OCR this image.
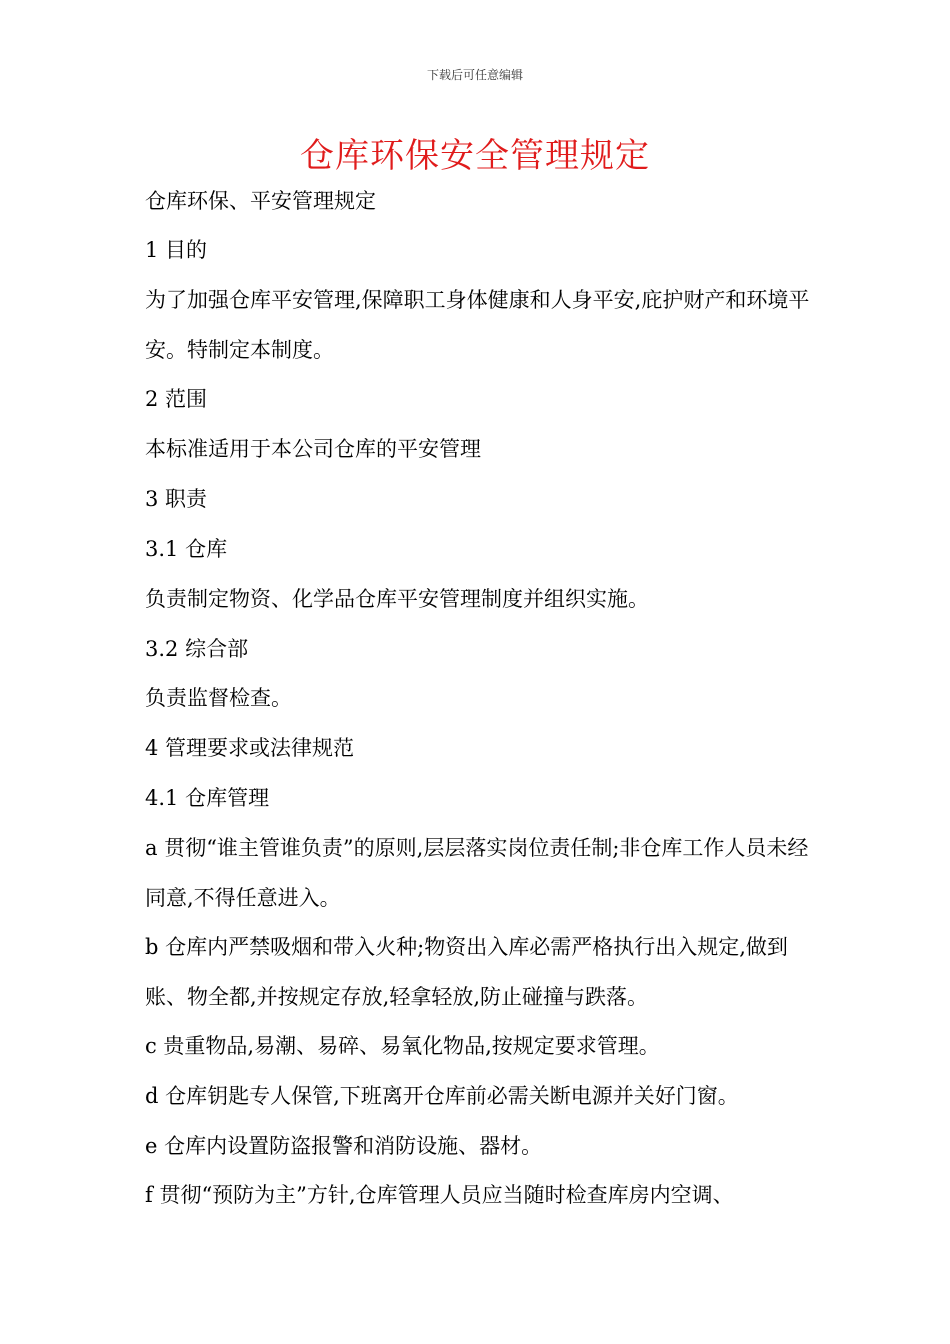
下载后可任意编辑
仓库环保安全管理规定
仓库环保、平安管理规定
1 目的
为了加强仓库平安管理,保障职工身体健康和人身平安,庇护财产和环境平安。特制定本制度。
2 范围
本标准适用于本公司仓库的平安管理
3 职责
3.1 仓库
负责制定物资、化学品仓库平安管理制度并组织实施。
3.2 综合部
负责监督检查。
4 管理要求或法律规范
4.1 仓库管理
a 贯彻“谁主管谁负责”的原则,层层落实岗位责任制;非仓库工作人员未经同意,不得任意进入。
b 仓库内严禁吸烟和带入火种;物资出入库必需严格执行出入规定,做到账、物全都,并按规定存放,轻拿轻放,防止碰撞与跌落。
c 贵重物品,易潮、易碎、易氧化物品,按规定要求管理。
d 仓库钥匙专人保管,下班离开仓库前必需关断电源并关好门窗。
e 仓库内设置防盗报警和消防设施、器材。
f 贯彻“预防为主”方针,仓库管理人员应当随时检查库房内空调、
